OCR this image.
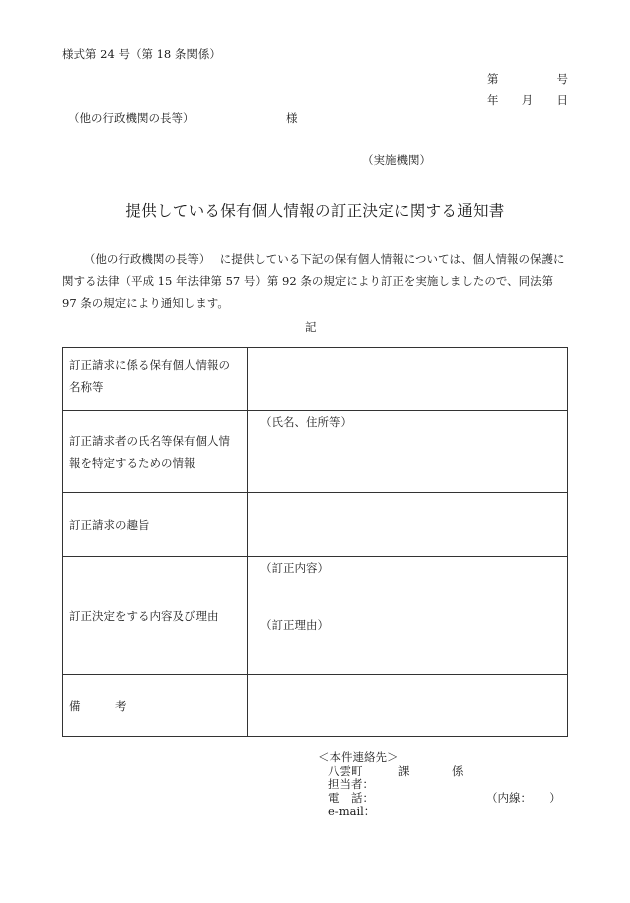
様式第 24 号（第 18 条関係）
第	号
年 月 日
（他の行政機関の長等）	様
（実施機関）
提供している保有個人情報の訂正決定に関する通知書
（他の行政機関の長等）　 に提供している下記の保有個人情報については、個人情報の保護に関する法律（平成 15 年法律第 57 号）第 92 条の規定により訂正を実施しましたので、同法第 97 条の規定により通知します。
記
訂正請求に係る保有個人情報の名称等	
訂正請求者の氏名等保有個人情報を特定するための情報	（氏名、住所等）

訂正請求の趣旨	
訂正決定をする内容及び理由	（訂正内容）
（訂正理由）

備　　　考	
＜本件連絡先＞
八雲町	課	係
担当者：
電　話：	（内線：　　）
e-mail：
